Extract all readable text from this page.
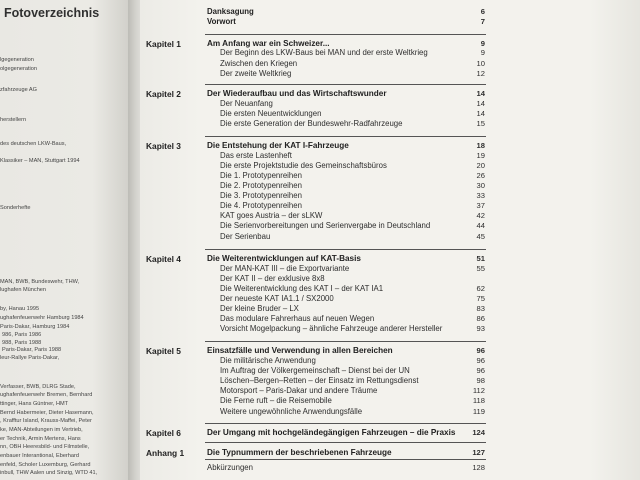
Fotoverzeichnis
lgegeneration
olgegeneration
zfahrzeuge AG
herstellern
des deutschen LKW-Baus,
Klassiker – MAN, Stuttgart 1994
Sonderhefte
MAN, BWB, Bundeswehr, THW,
lughafen München
by, Hanau 1995
ughafenfeuerwehr Hamburg 1984
Paris-Dakar, Hamburg 1984
986, Paris 1986
988, Paris 1988
Paris-Dakar, Paris 1988
leur-Rallye Paris-Dakar,
Verfasser, BWB, DLRG Stade,
ughafenfeuerwehr Bremen, Bernhard
ttinger, Hans Güntner, HMT
Bernd Habermeier, Dieter Hasemann,
, Krafftur Island, Krauss-Maffei, Peter
ke, MAN-Abteilungen im Vertrieb,
er Technik, Armin Mertens, Hans
nn, OBH Heeresbild- und Filmstelle,
enbauer Interantional, Eberhard
enfeld, Scholer Luxemburg, Gerhard
inbull, THW Aalen und Sinzig, WTD 41,
Danksagung	6
Vorwort	7
Kapitel 1	Am Anfang war ein Schweizer...	9
Der Beginn des LKW-Baus bei MAN und der erste Weltkrieg	9
Zwischen den Kriegen	10
Der zweite Weltkrieg	12
Kapitel 2	Der Wiederaufbau und das Wirtschaftswunder	14
Der Neuanfang	14
Die ersten Neuentwicklungen	14
Die erste Generation der Bundeswehr-Radfahrzeuge	15
Kapitel 3	Die Entstehung der KAT I-Fahrzeuge	18
Das erste Lastenheft	19
Die erste Projektstudie des Gemeinschaftsbüros	20
Die 1. Prototypenreihen	26
Die 2. Prototypenreihen	30
Die 3. Prototypenreihen	33
Die 4. Prototypenreihen	37
KAT goes Austria – der sLKW	42
Die Serienvorbereitungen und Serienvergabe in Deutschland	44
Der Serienbau	45
Kapitel 4	Die Weiterentwicklungen auf KAT-Basis	51
Der MAN-KAT III – die Exportvariante	55
Der KAT II – der exklusive 8x8
Die Weiterentwicklung des KAT I – der KAT IA1	62
Der neueste KAT IA1.1 / SX2000	75
Der kleine Bruder – LX	83
Das modulare Fahrerhaus auf neuen Wegen	86
Vorsicht Mogelpackung – ähnliche Fahrzeuge anderer Hersteller	93
Kapitel 5	Einsatzfälle und Verwendung in allen Bereichen	96
Die militärische Anwendung	96
Im Auftrag der Völkergemeinschaft – Dienst bei der UN	96
Löschen–Bergen–Retten – der Einsatz im Rettungsdienst	98
Motorsport – Paris-Dakar und andere Träume	112
Die Ferne ruft – die Reisemobile	118
Weitere ungewöhnliche Anwendungsfälle	119
Kapitel 6	Der Umgang mit hochgeländegängigen Fahrzeugen – die Praxis	124
Anhang 1	Die Typnummern der beschriebenen Fahrzeuge	127
Abkürzungen	128
